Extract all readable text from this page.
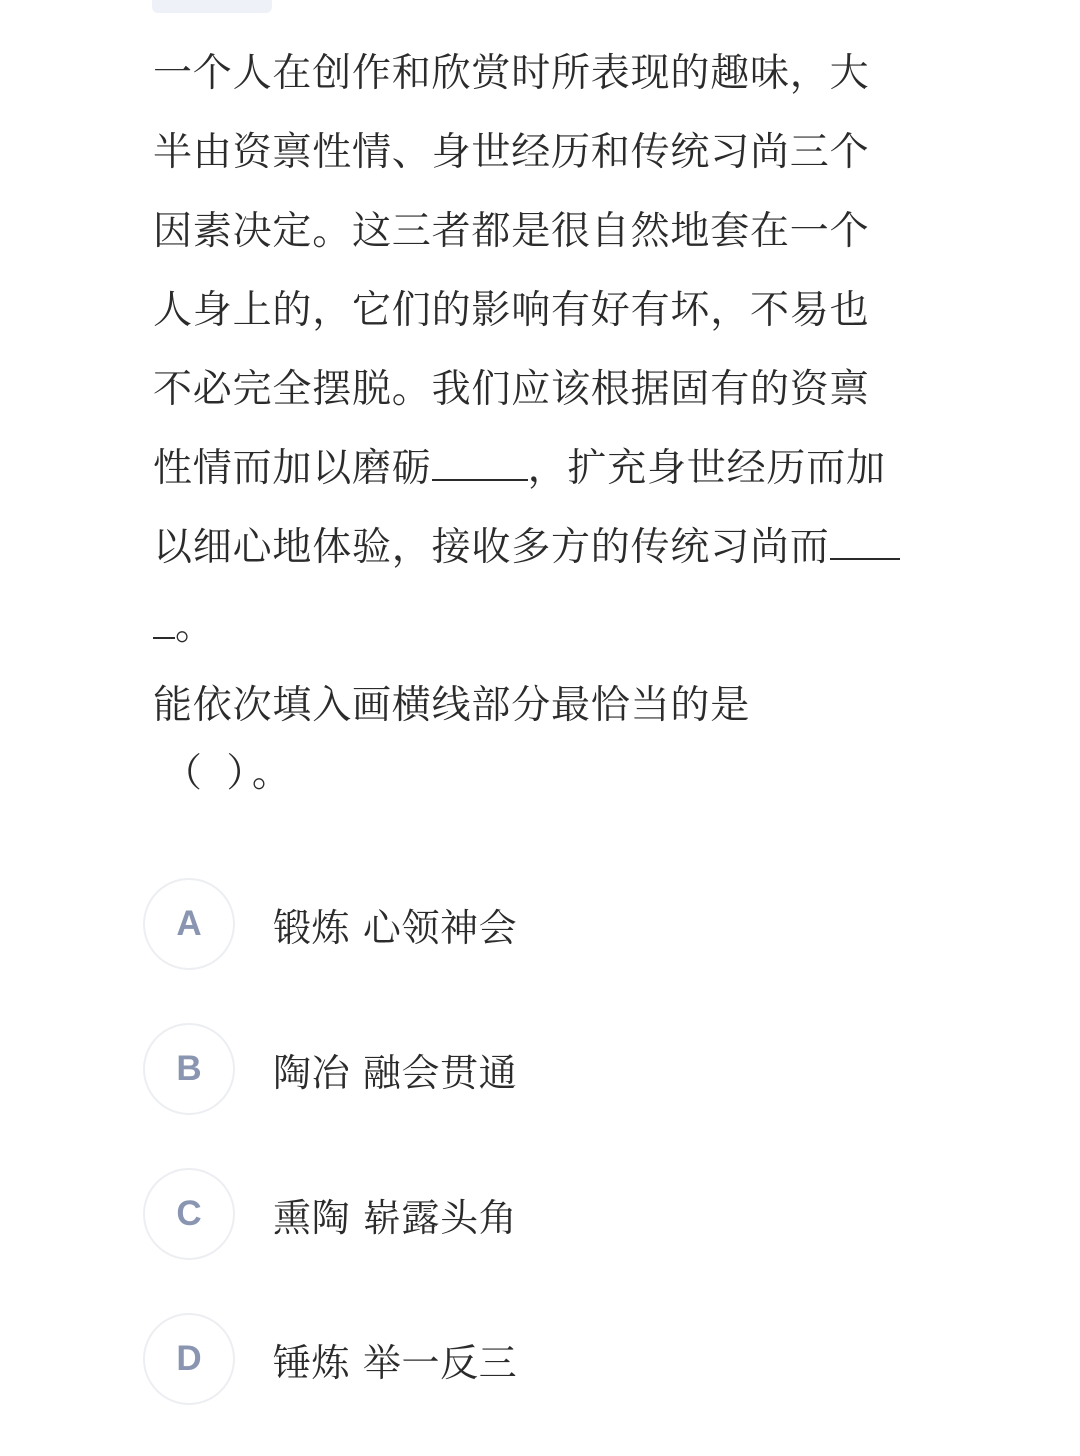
一个人在创作和欣赏时所表现的趣味，大
半由资禀性情、身世经历和传统习尚三个
因素决定。这三者都是很自然地套在一个
人身上的，它们的影响有好有坏，不易也
不必完全摆脱。我们应该根据固有的资禀
性情而加以磨砺 ，扩充身世经历而加
以细心地体验，接收多方的传统习尚而
。

能依次填入画横线部分最恰当的是

（ ）。

A	锻炼 心领神会
B	陶冶 融会贯通
C	熏陶 崭露头角
D	锤炼 举一反三
